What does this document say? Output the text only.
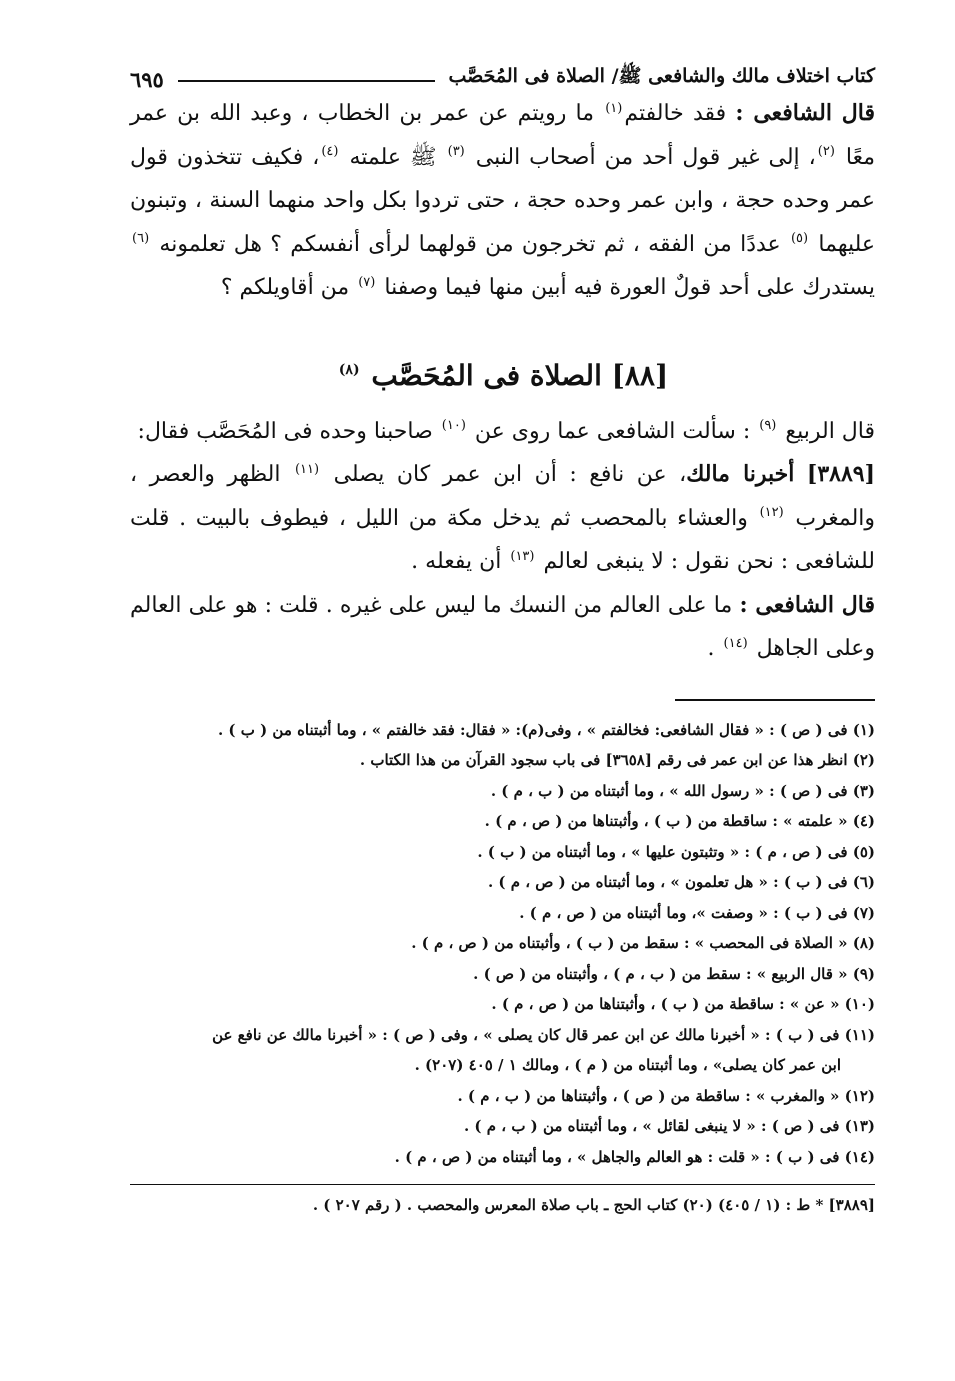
كتاب اختلاف مالك والشافعى ﷺ/ الصلاة فى المُحَصَّب
٦٩٥

قال الشافعى : فقد خالفتم$^{(١)}$ ما رويتم عن عمر بن الخطاب ، وعبد الله بن عمر معًا $^{(٢)}$، إلى غير قول أحد من أصحاب النبى $^{(٣)}$ ﷺ علمته $^{(٤)}$، فكيف تتخذون قول عمر وحده حجة ، وابن عمر وحده حجة ، حتى تردوا بكل واحد منهما السنة ، وتبنون عليهما $^{(٥)}$ عددًا من الفقه ، ثم تخرجون من قولهما لرأى أنفسكم ؟ هل تعلمونه $^{(٦)}$ يستدرك على أحد قولٌ العورة فيه أبين منها فيما وصفنا $^{(٧)}$ من أقاويلكم ؟

[٨٨] الصلاة فى المُحَصَّب $^{(٨)}$

قال الربيع $^{(٩)}$ : سألت الشافعى عما روى عن $^{(١٠)}$ صاحبنا وحده فى المُحَصَّب فقال:

[٣٨٨٩] أخبرنا مالك، عن نافع : أن ابن عمر كان يصلى $^{(١١)}$ الظهر والعصر ، والمغرب $^{(١٢)}$ والعشاء بالمحصب ثم يدخل مكة من الليل ، فيطوف بالبيت . قلت للشافعى : نحن نقول : لا ينبغى لعالم $^{(١٣)}$ أن يفعله .

قال الشافعى : ما على العالم من النسك ما ليس على غيره . قلت : هو على العالم وعلى الجاهل $^{(١٤)}$ .

(١) فى ( ص ) : « فقال الشافعى: فخالفتم » ، وفى(م): « فقال: فقد خالفتم » ، وما أثبتناه من ( ب ) .

(٢) انظر هذا عن ابن عمر فى رقم [٣٦٥٨] فى باب سجود القرآن من هذا الكتاب .

(٣) فى ( ص ) : « رسول الله » ، وما أثبتناه من ( ب ، م ) .

(٤) « علمته » : ساقطة من ( ب ) ، وأثبتناها من ( ص ، م ) .

(٥) فى ( ص ، م ) : « وتثبتون عليها » ، وما أثبتناه من ( ب ) .

(٦) فى ( ب ) : « هل تعلمون » ، وما أثبتناه من ( ص ، م ) .

(٧) فى ( ب ) : « وصفت »، وما أثبتناه من ( ص ، م ) .

(٨) « الصلاة فى المحصب » : سقط من ( ب ) ، وأثبتناه من ( ص ، م ) .

(٩) « قال الربيع » : سقط من ( ب ، م ) ، وأثبتناه من ( ص ) .

(١٠) « عن » : ساقطة من ( ب ) ، وأثبتناها من ( ص ، م ) .

(١١) فى ( ب ) : « أخبرنا مالك عن ابن عمر قال كان يصلى » ، وفى ( ص ) : « أخبرنا مالك عن نافع عن

ابن عمر كان يصلى» ، وما أثبتناه من ( م ) ، ومالك ١ / ٤٠٥ (٢٠٧) .

(١٢) « والمغرب » : ساقطة من ( ص ) ، وأثبتناها من ( ب ، م ) .

(١٣) فى ( ص ) : « لا ينبغى لقائل » ، وما أثبتناه من ( ب ، م ) .

(١٤) فى ( ب ) : « قلت : هو العالم والجاهل » ، وما أثبتناه من ( ص ، م ) .

[٣٨٨٩] * ط : (١ / ٤٠٥) (٢٠) كتاب الحج ـ باب صلاة المعرس والمحصب . ( رقم ٢٠٧ ) .
